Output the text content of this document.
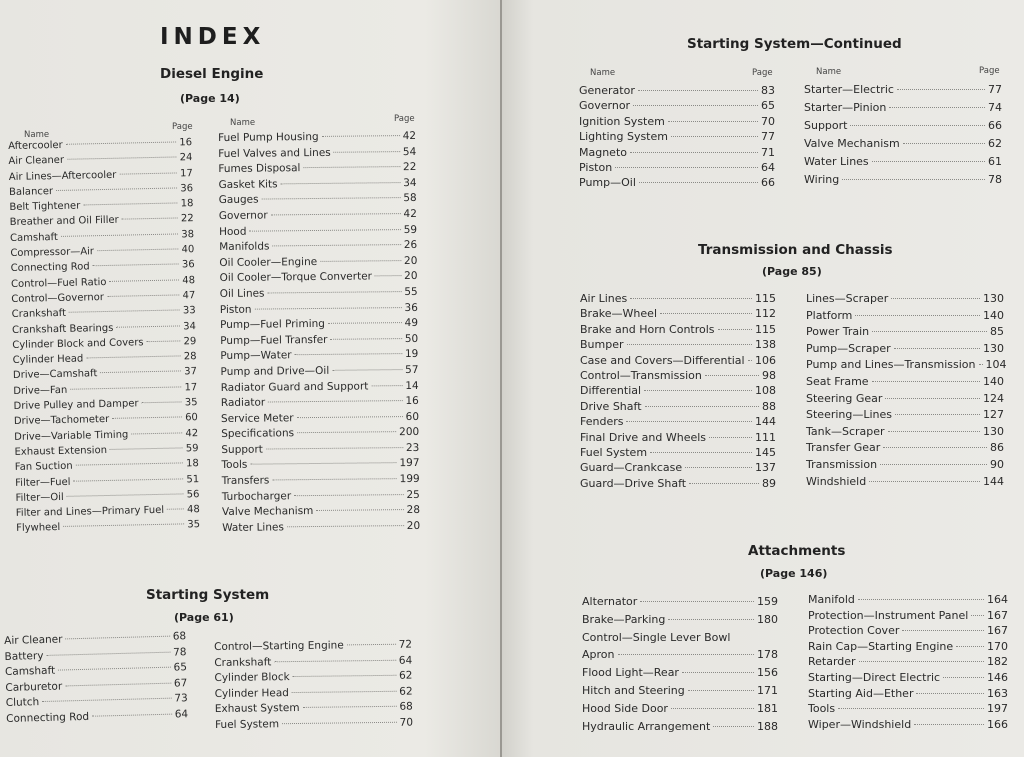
INDEX
Diesel Engine
(Page 14)
Name
Page	Name	Page
Aftercooler	16
Air Cleaner	24
Air Lines—Aftercooler	17
Balancer	36
Belt Tightener	18
Breather and Oil Filler	22
Camshaft	38
Compressor—Air	40
Connecting Rod	36
Control—Fuel Ratio	48
Control—Governor	47
Crankshaft	33
Crankshaft Bearings	34
Cylinder Block and Covers	29
Cylinder Head	28
Drive—Camshaft	37
Drive—Fan	17
Drive Pulley and Damper	35
Drive—Tachometer	60
Drive—Variable Timing	42
Exhaust Extension	59
Fan Suction	18
Filter—Fuel	51
Filter—Oil	56
Filter and Lines—Primary Fuel 48
Flywheel	35
Fuel Pump Housing	42
Fuel Valves and Lines	54
Fumes Disposal	22
Gasket Kits	34
Gauges	58
Governor	42
Hood	59
Manifolds	26
Oil Cooler—Engine	20
Oil Cooler—Torque Converter	20
Oil Lines	55
Piston	36
Pump—Fuel Priming	49
Pump—Fuel Transfer	50
Pump—Water	19
Pump and Drive—Oil	57
Radiator Guard and Support	14
Radiator	16
Service Meter	60
Specifications	200
Support	23
Tools	197
Transfers	199
Turbocharger	25
Valve Mechanism	28
Water Lines	20
Starting System
(Page 61)
Air Cleaner	68
Battery	78
Camshaft	65
Carburetor	67
Clutch	73
Connecting Rod	64
Control—Starting Engine	72
Crankshaft	64
Cylinder Block	62
Cylinder Head	62
Exhaust System	68
Fuel System	70
Starting System—Continued
Name	Page	Name	Page
Generator	83
Governor	65
Ignition System	70
Lighting System	77
Magneto	71
Piston	64
Pump—Oil	66
Starter—Electric	77
Starter—Pinion	74
Support	66
Valve Mechanism	62
Water Lines	61
Wiring	78
Transmission and Chassis
(Page 85)
Air Lines	115
Brake—Wheel	112
Brake and Horn Controls	115
Bumper	138
Case and Covers—Differential 106
Control—Transmission	98
Differential	108
Drive Shaft	88
Fenders	144
Final Drive and Wheels	111
Fuel System	145
Guard—Crankcase	137
Guard—Drive Shaft	89
Lines—Scraper	130
Platform	140
Power Train	85
Pump—Scraper	130
Pump and Lines—Transmission 104
Seat Frame	140
Steering Gear	124
Steering—Lines	127
Tank—Scraper	130
Transfer Gear	86
Transmission	90
Windshield	144
Attachments
(Page 146)
Alternator	159
Brake—Parking	180
Control—Single Lever Bowl
Apron	178
Flood Light—Rear	156
Hitch and Steering	171
Hood Side Door	181
Hydraulic Arrangement	188
Manifold	164
Protection—Instrument Panel 167
Protection Cover	167
Rain Cap—Starting Engine	170
Retarder	182
Starting—Direct Electric	146
Starting Aid—Ether	163
Tools	197
Wiper—Windshield	166
